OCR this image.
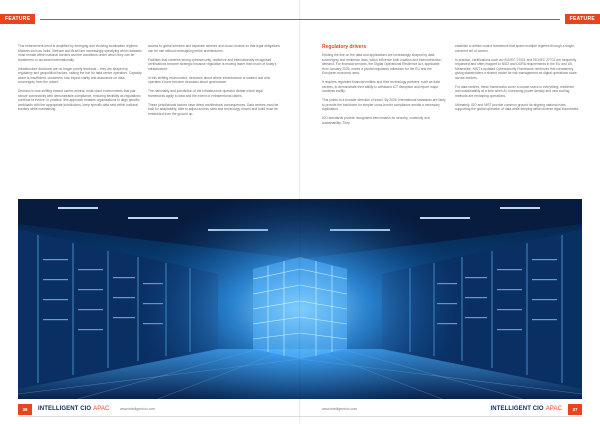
FEATURE

This enforcement trend is amplified by emerging and evolving localisation regimes. Markets such as India, Vietnam and Brazil are increasingly specifying which datasets must remain within national borders and the conditions under which they can be transferred or accessed internationally.

Infrastructure decisions are no longer purely technical – they are shaped by regulatory and geopolitical factors, raising the bar for data centre operators. Capacity alone is insufficient: customers now expect clarity and assurance on data sovereignty from the outset.

Demand is now shifting toward carrier-neutral, multi-cloud environments that pair secure connectivity with demonstrable compliance, ensuring flexibility as regulations continue to evolve. In practice, this approach enables organisations to align specific workloads with the appropriate jurisdictions, keep specific data sets within national borders while maintaining

access to global services and separate network and cloud choices so that legal obligations can be met without redesigning entire architectures.

Facilities that combine strong cybersecurity, resilience and internationally recognised certifications become strategic because regulation is moving faster than much of today's infrastructure.

In this shifting environment, decisions about where infrastructure is located and who operates it have become decisions about governance.

The nationality and jurisdiction of the infrastructure operator dictate which legal frameworks apply to data and the extent of extraterritorial claims.

These jurisdictional factors have direct architectural consequences. Data centres must be built for adaptability, able to adjust access rules and technology moves and build must be embedded from the ground up.

36	INTELLIGENT CIO APAC	www.intelligentcio.com
FEATURE
Regulatory drivers

Holding the line on the data and applications are increasingly shaped by data sovereignty and resilience laws, which influence both location and interconnection demand. For financial services, the Digital Operational Resilience Act, applicable from January 2025, marks a pivotal regulatory milestone for the EU and the European economic area.

It requires regulated financial entities and their technology partners, such as data centres, to demonstrate their ability to withstand ICT disruption and report major incidents swiftly.

This points to a broader direction of travel. By 2026, international standards are likely to provide the backbone for simpler cross-border compliance amidst a necessary duplication.

ISO standards provide recognised benchmarks for security, continuity and sustainability. They

establish a unified control framework that spans multiple regimes through a single, coherent set of control.

In practice, certifications such as ISO/IEC 27001 and ISO/IEC 27701 are frequently requested and often mapped to NIS2 and DORA requirements in the EU and UK. Meanwhile, NIST's updated Cybersecurity Framework reinforces this consistency, giving stakeholders a shared model for risk management as digital operations scale across borders.

For data centres, these frameworks cover a course users to everything: resilience and sustainability at a time when AI, increasing power density and new cooling methods are reshaping operations.

Ultimately, ISO and NIST provide common ground for aligning national rules, supporting the global operation of data while keeping within diverse legal boundaries.

www.intelligentcio.com	INTELLIGENT CIO APAC	37
